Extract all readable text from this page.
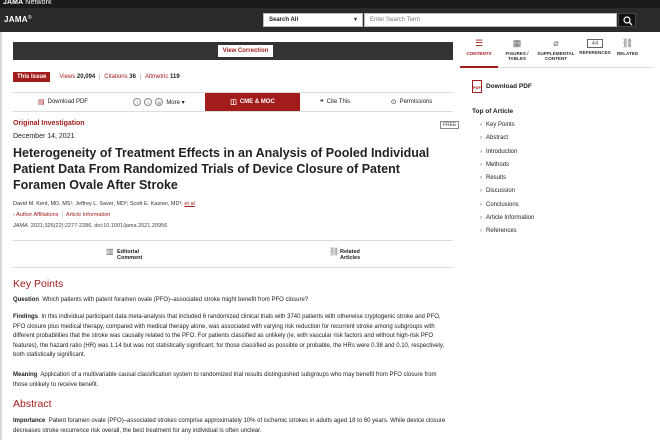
JAMA Network
JAMA®	Search All	▾	Enter Search Term
View Correction
This Issue	Views 20,094	Citations 36	Altmetric 119
▤ Download PDF	f	t	@ More ▾	◫ CME & MOC	❝ Cite This	⊙ Permissions
Original Investigation	FREE
December 14, 2021
Heterogeneity of Treatment Effects in an Analysis of Pooled Individual Patient Data From Randomized Trials of Device Closure of Patent Foramen Ovale After Stroke
David M. Kent, MD, MS¹; Jeffrey L. Saver, MD²; Scott E. Kasner, MD³; et al
› Author Affiliations | Article Information
JAMA. 2021;326(22):2277-2286. doi:10.1001/jama.2021.20956
▥ Editorial
Comment
⛓ Related
Articles
Key Points

Question Which patients with patent foramen ovale (PFO)–associated stroke might benefit from PFO closure?

Findings In this individual participant data meta-analysis that included 6 randomized clinical trials with 3740 patients with otherwise cryptogenic stroke and PFO, PFO closure plus medical therapy, compared with medical therapy alone, was associated with varying risk reduction for recurrent stroke among subgroups with different probabilities that the stroke was causally related to the PFO. For patients classified as unlikely (ie, with vascular risk factors and without high-risk PFO features), the hazard ratio (HR) was 1.14 but was not statistically significant; for those classified as possible or probable, the HRs were 0.38 and 0.10, respectively, both statistically significant.

Meaning Application of a multivariable causal classification system to randomized trial results distinguished subgroups who may benefit from PFO closure from those unlikely to receive benefit.

Abstract

Importance Patent foramen ovale (PFO)–associated strokes comprise approximately 10% of ischemic strokes in adults aged 18 to 60 years. While device closure decreases stroke recurrence risk overall, the best treatment for any individual is often unclear.

☰
CONTENTS
▦
FIGURES / TABLES
⌀
SUPPLEMENTAL CONTENT
44
REFERENCES
⛓
RELATED
PDF Download PDF
Top of Article
› Key Points
› Abstract
› Introduction
› Methods
› Results
› Discussion
› Conclusions
› Article Information
› References
